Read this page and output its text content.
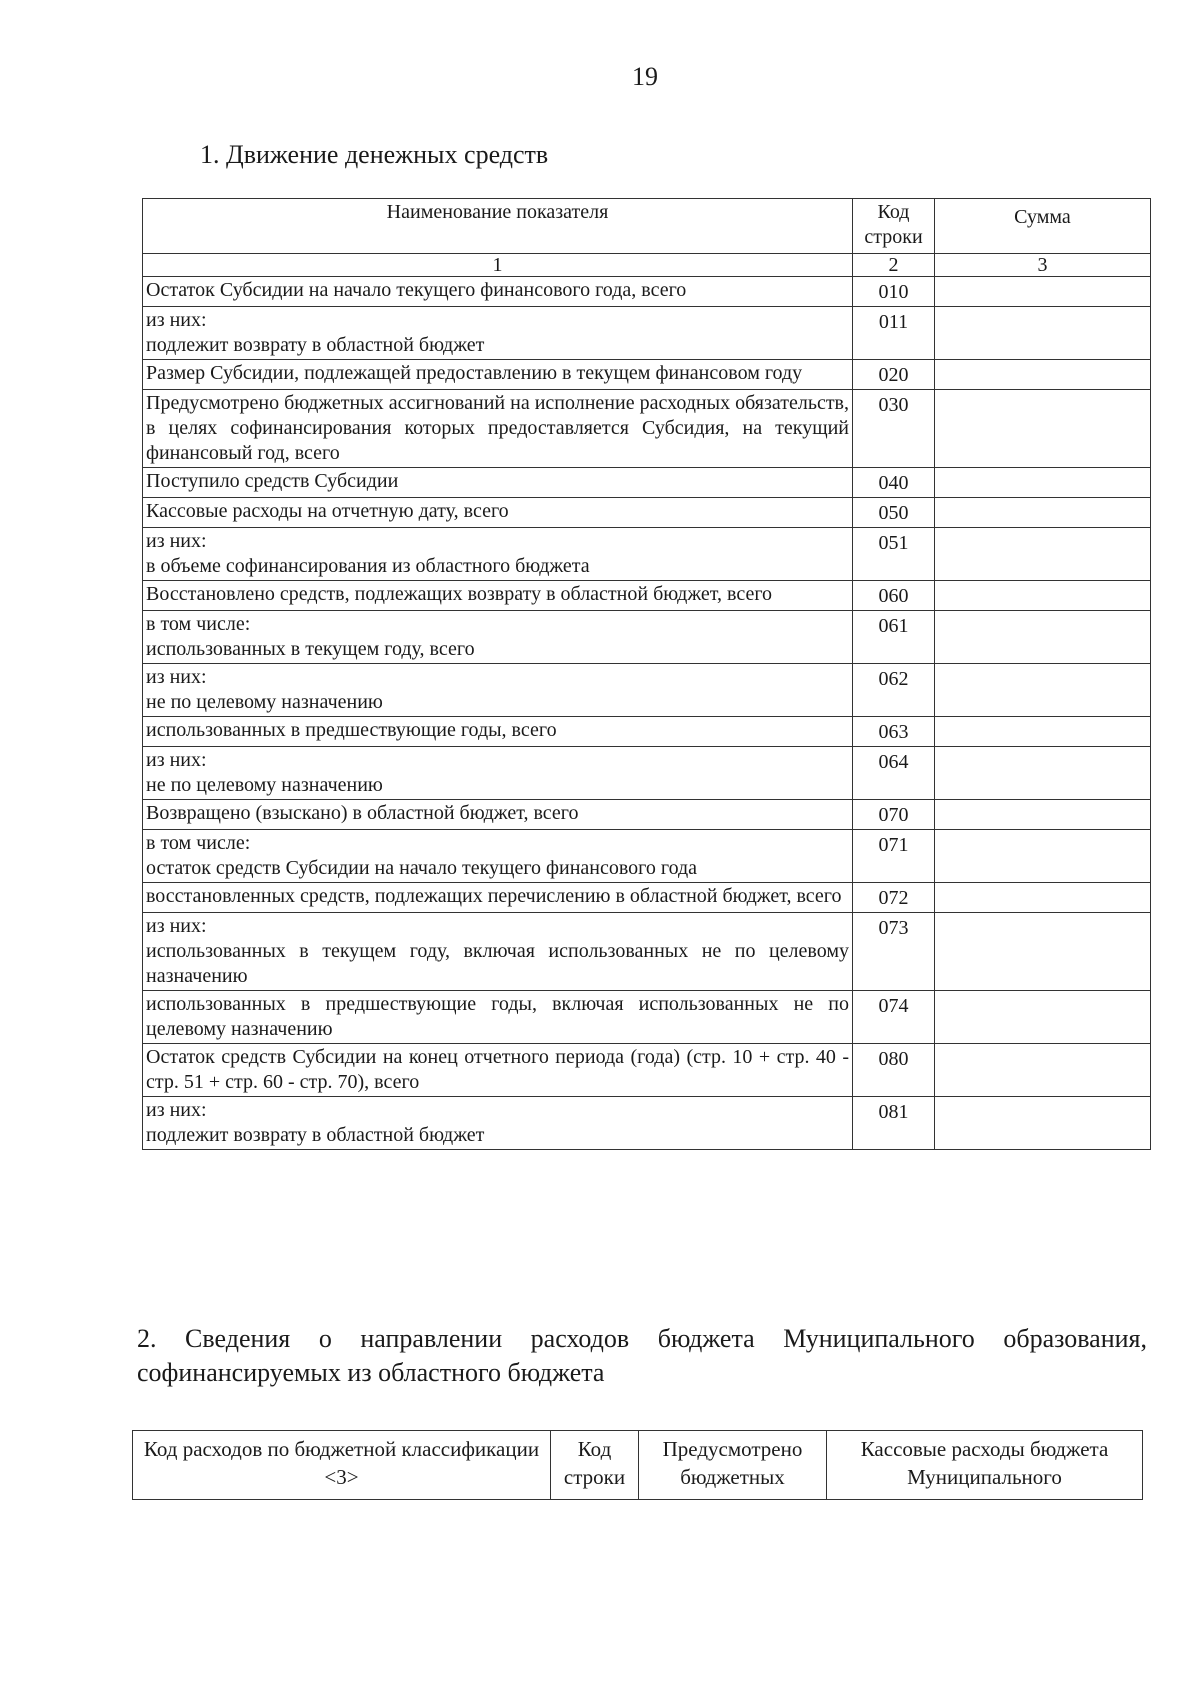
19
1. Движение денежных средств
Наименование показателя	Код строки	Сумма
1	2	3
Остаток Субсидии на начало текущего финансового года, всего	010	
из них:
подлежит возврату в областной бюджет	011	
Размер Субсидии, подлежащей предоставлению в текущем финансовом году	020	
Предусмотрено бюджетных ассигнований на исполнение расходных обязательств, в целях софинансирования которых предоставляется Субсидия, на текущий финансовый год, всего	030	
Поступило средств Субсидии	040	
Кассовые расходы на отчетную дату, всего	050	
из них:
в объеме софинансирования из областного бюджета	051	
Восстановлено средств, подлежащих возврату в областной бюджет, всего	060	
в том числе:
использованных в текущем году, всего	061	
из них:
не по целевому назначению	062	
использованных в предшествующие годы, всего	063	
из них:
не по целевому назначению	064	
Возвращено (взыскано) в областной бюджет, всего	070	
в том числе:
остаток средств Субсидии на начало текущего финансового года	071	
восстановленных средств, подлежащих перечислению в областной бюджет, всего	072	
из них:
использованных в текущем году, включая использованных не по целевому назначению	073	
использованных в предшествующие годы, включая использованных не по целевому назначению	074	
Остаток средств Субсидии на конец отчетного периода (года) (стр. 10 + стр. 40 - стр. 51 + стр. 60 - стр. 70), всего	080	
из них:
подлежит возврату в областной бюджет	081	
2. Сведения о направлении расходов бюджета Муниципального образования, софинансируемых из областного бюджета
Код расходов по бюджетной классификации <3>	Код строки	Предусмотрено бюджетных	Кассовые расходы бюджета Муниципального
